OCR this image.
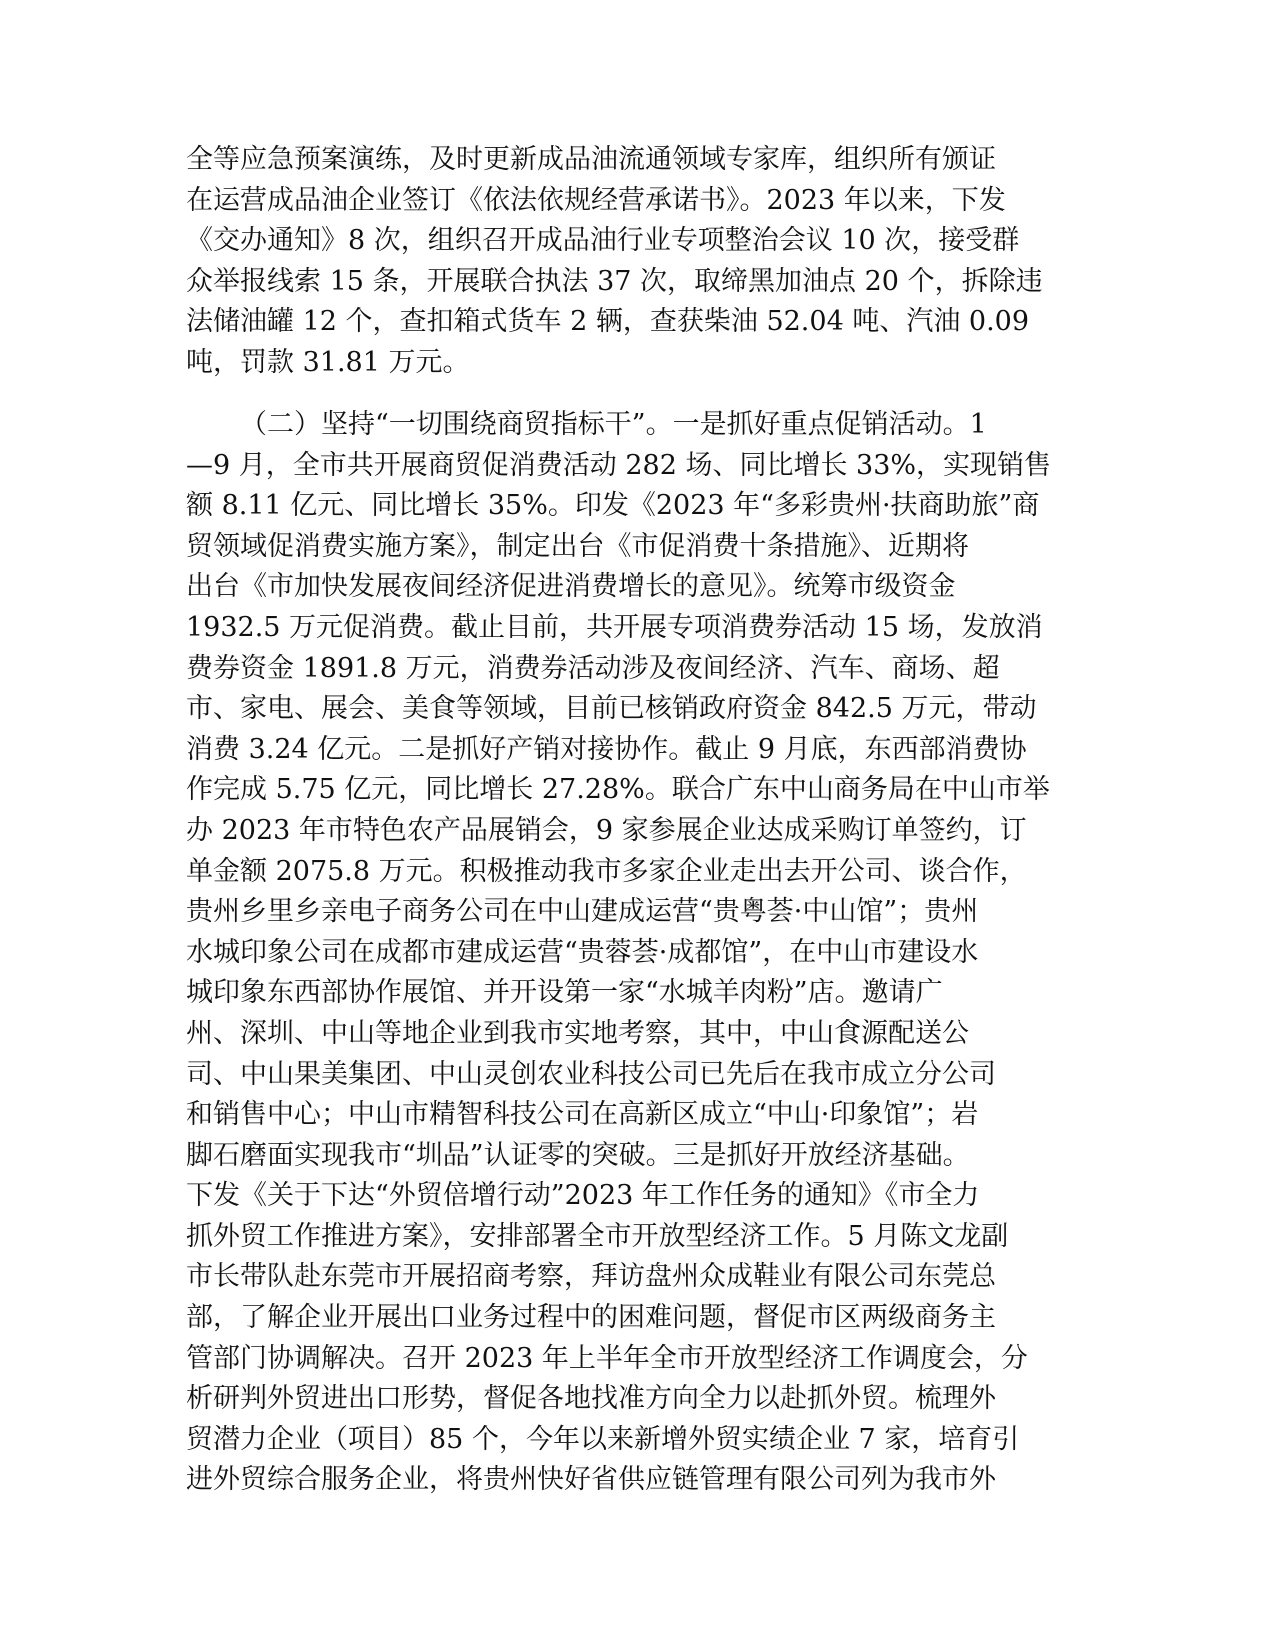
全等应急预案演练，及时更新成品油流通领域专家库，组织所有颁证
在运营成品油企业签订《依法依规经营承诺书》。2023 年以来，下发
《交办通知》8 次，组织召开成品油行业专项整治会议 10 次，接受群
众举报线索 15 条，开展联合执法 37 次，取缔黑加油点 20 个，拆除违
法储油罐 12 个，查扣箱式货车 2 辆，查获柴油 52.04 吨、汽油 0.09
吨，罚款 31.81 万元。
（二）坚持“一切围绕商贸指标干”。一是抓好重点促销活动。1
—9 月，全市共开展商贸促消费活动 282 场、同比增长 33%，实现销售
额 8.11 亿元、同比增长 35%。印发《2023 年“多彩贵州·扶商助旅”商
贸领域促消费实施方案》，制定出台《市促消费十条措施》、近期将
出台《市加快发展夜间经济促进消费增长的意见》。统筹市级资金
1932.5 万元促消费。截止目前，共开展专项消费券活动 15 场，发放消
费券资金 1891.8 万元，消费券活动涉及夜间经济、汽车、商场、超
市、家电、展会、美食等领域，目前已核销政府资金 842.5 万元，带动
消费 3.24 亿元。二是抓好产销对接协作。截止 9 月底，东西部消费协
作完成 5.75 亿元，同比增长 27.28%。联合广东中山商务局在中山市举
办 2023 年市特色农产品展销会，9 家参展企业达成采购订单签约，订
单金额 2075.8 万元。积极推动我市多家企业走出去开公司、谈合作，
贵州乡里乡亲电子商务公司在中山建成运营“贵粤荟·中山馆”；贵州
水城印象公司在成都市建成运营“贵蓉荟·成都馆”，在中山市建设水
城印象东西部协作展馆、并开设第一家“水城羊肉粉”店。邀请广
州、深圳、中山等地企业到我市实地考察，其中，中山食源配送公
司、中山果美集团、中山灵创农业科技公司已先后在我市成立分公司
和销售中心；中山市精智科技公司在高新区成立“中山·印象馆”；岩
脚石磨面实现我市“圳品”认证零的突破。三是抓好开放经济基础。
下发《关于下达“外贸倍增行动”2023 年工作任务的通知》《市全力
抓外贸工作推进方案》，安排部署全市开放型经济工作。5 月陈文龙副
市长带队赴东莞市开展招商考察，拜访盘州众成鞋业有限公司东莞总
部，了解企业开展出口业务过程中的困难问题，督促市区两级商务主
管部门协调解决。召开 2023 年上半年全市开放型经济工作调度会，分
析研判外贸进出口形势，督促各地找准方向全力以赴抓外贸。梳理外
贸潜力企业（项目）85 个，今年以来新增外贸实绩企业 7 家，培育引
进外贸综合服务企业，将贵州快好省供应链管理有限公司列为我市外
